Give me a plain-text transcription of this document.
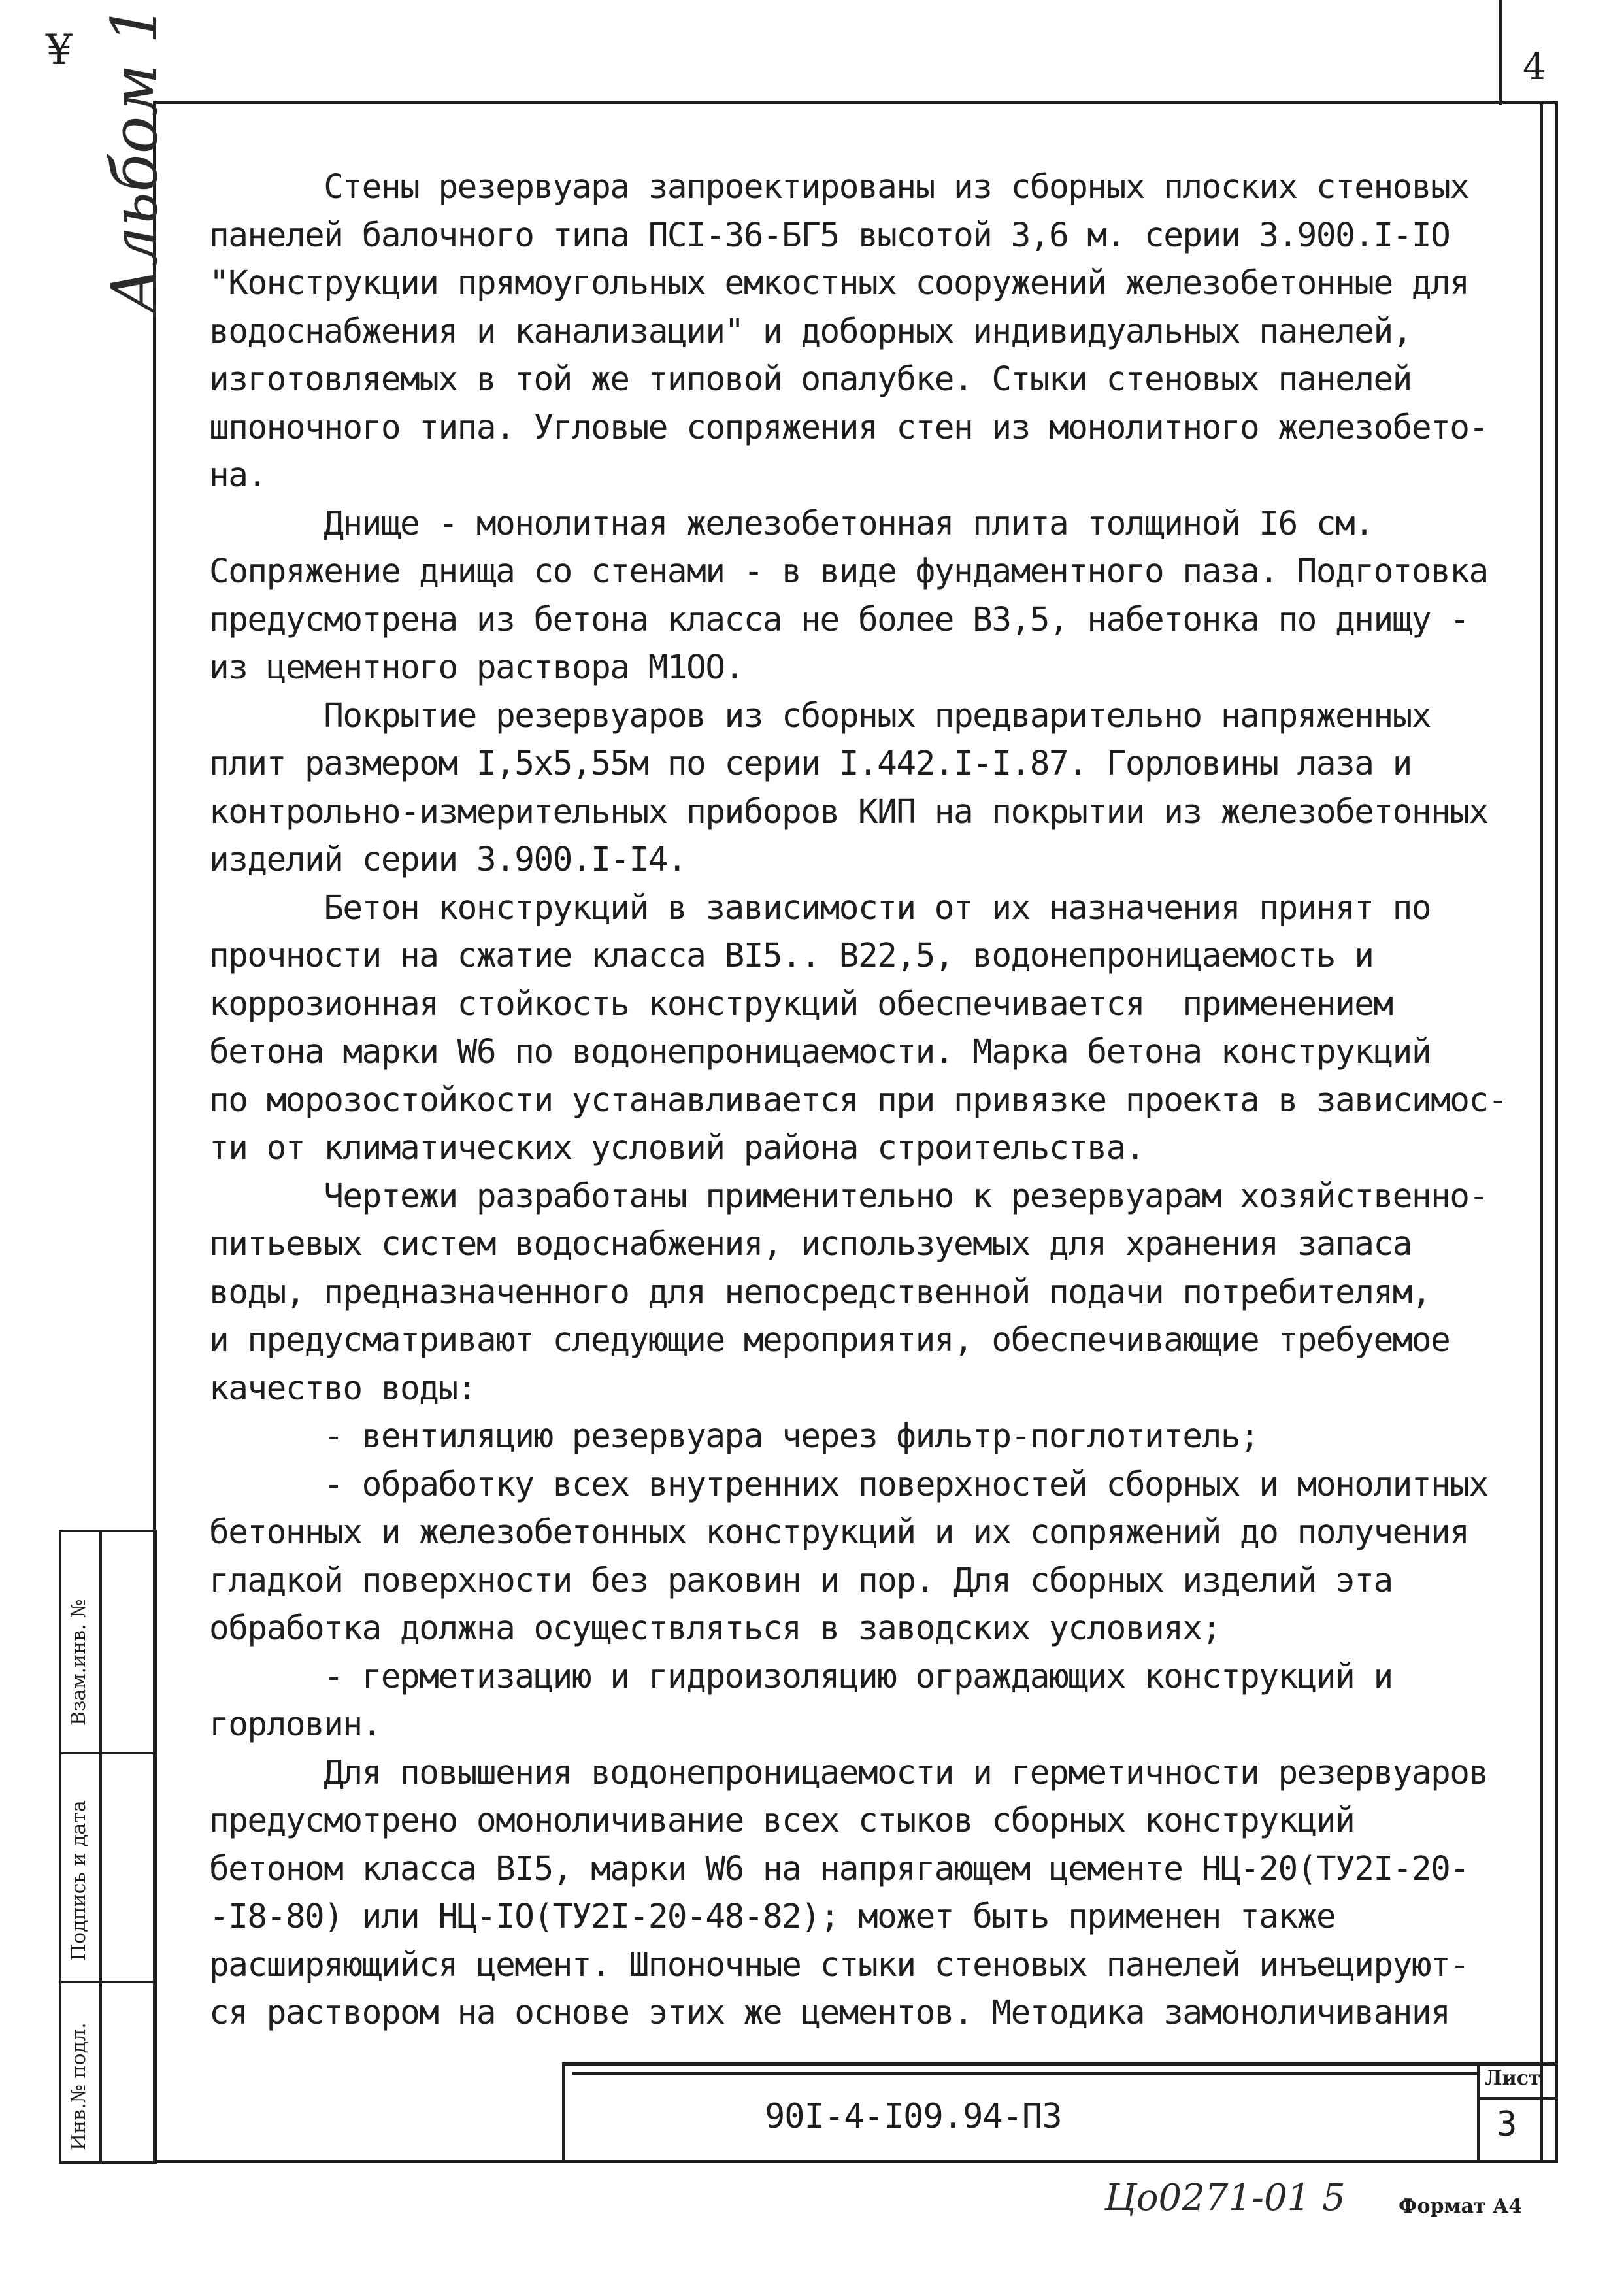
¥	4
Альбом 1 Стены резервуара запроектированы из сборных плоских стеновых
панелей балочного типа ПСI-36-БГ5 высотой 3,6 м. серии 3.900.I-IО
"Конструкции прямоугольных емкостных сооружений железобетонные для
водоснабжения и канализации" и доборных индивидуальных панелей,
изготовляемых в той же типовой опалубке. Стыки стеновых панелей
шпоночного типа. Угловые сопряжения стен из монолитного железобето-
на.
Днище - монолитная железобетонная плита толщиной I6 см.
Сопряжение днища со стенами - в виде фундаментного паза. Подготовка
предусмотрена из бетона класса не более В3,5, набетонка по днищу -
из цементного раствора М1ОО.
Покрытие резервуаров из сборных предварительно напряженных
плит размером I,5х5,55м по серии I.442.I-I.87. Горловины лаза и
контрольно-измерительных приборов КИП на покрытии из железобетонных
изделий серии 3.900.I-I4.
Бетон конструкций в зависимости от их назначения принят по
прочности на сжатие класса ВI5.. В22,5, водонепроницаемость и
коррозионная стойкость конструкций обеспечивается  применением
бетона марки W6 по водонепроницаемости. Марка бетона конструкций
по морозостойкости устанавливается при привязке проекта в зависимос-
ти от климатических условий района строительства.
Чертежи разработаны применительно к резервуарам хозяйственно-
питьевых систем водоснабжения, используемых для хранения запаса
воды, предназначенного для непосредственной подачи потребителям,
и предусматривают следующие мероприятия, обеспечивающие требуемое
качество воды:
- вентиляцию резервуара через фильтр-поглотитель;
- обработку всех внутренних поверхностей сборных и монолитных
бетонных и железобетонных конструкций и их сопряжений до получения
гладкой поверхности без раковин и пор. Для сборных изделий эта
обработка должна осуществляться в заводских условиях;
- герметизацию и гидроизоляцию ограждающих конструкций и
горловин.
Для повышения водонепроницаемости и герметичности резервуаров
предусмотрено омоноличивание всех стыков сборных конструкций
бетоном класса ВI5, марки W6 на напрягающем цементе НЦ-20(ТУ2I-20-
-I8-80) или НЦ-IО(ТУ2I-20-48-82); может быть применен также
расширяющийся цемент. Шпоночные стыки стеновых панелей инъецируют-
ся раствором на основе этих же цементов. Методика замоноличивания
Взам.инв. №
Подпись и дата
Инв.№ подл.	90I-4-I09.94-ПЗ
Лист
3
Цо0271-01 5	Формат А4
